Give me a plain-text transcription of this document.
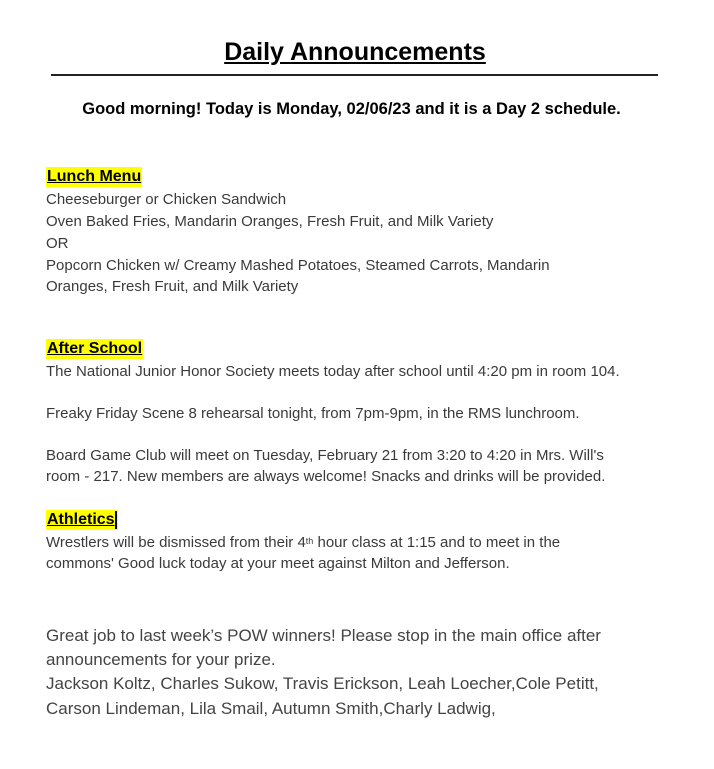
Daily Announcements
Good morning! Today is Monday, 02/06/23 and it is a Day 2 schedule.
Lunch Menu
Cheeseburger or Chicken Sandwich
Oven Baked Fries, Mandarin Oranges, Fresh Fruit, and Milk Variety
OR
Popcorn Chicken w/ Creamy Mashed Potatoes, Steamed Carrots, Mandarin
Oranges, Fresh Fruit, and Milk Variety
After School
The National Junior Honor Society meets today after school until 4:20 pm in room 104.
Freaky Friday Scene 8 rehearsal tonight, from 7pm-9pm, in the RMS lunchroom.
Board Game Club will meet on Tuesday, February 21 from 3:20 to 4:20 in Mrs. Will's
room - 217. New members are always welcome! Snacks and drinks will be provided.
Athletics
Wrestlers will be dismissed from their 4th hour class at 1:15 and to meet in the
commons' Good luck today at your meet against Milton and Jefferson.
Great job to last week’s POW winners! Please stop in the main office after
announcements for your prize.
Jackson Koltz, Charles Sukow, Travis Erickson, Leah Loecher,Cole Petitt,
Carson Lindeman, Lila Smail, Autumn Smith,Charly Ladwig,
